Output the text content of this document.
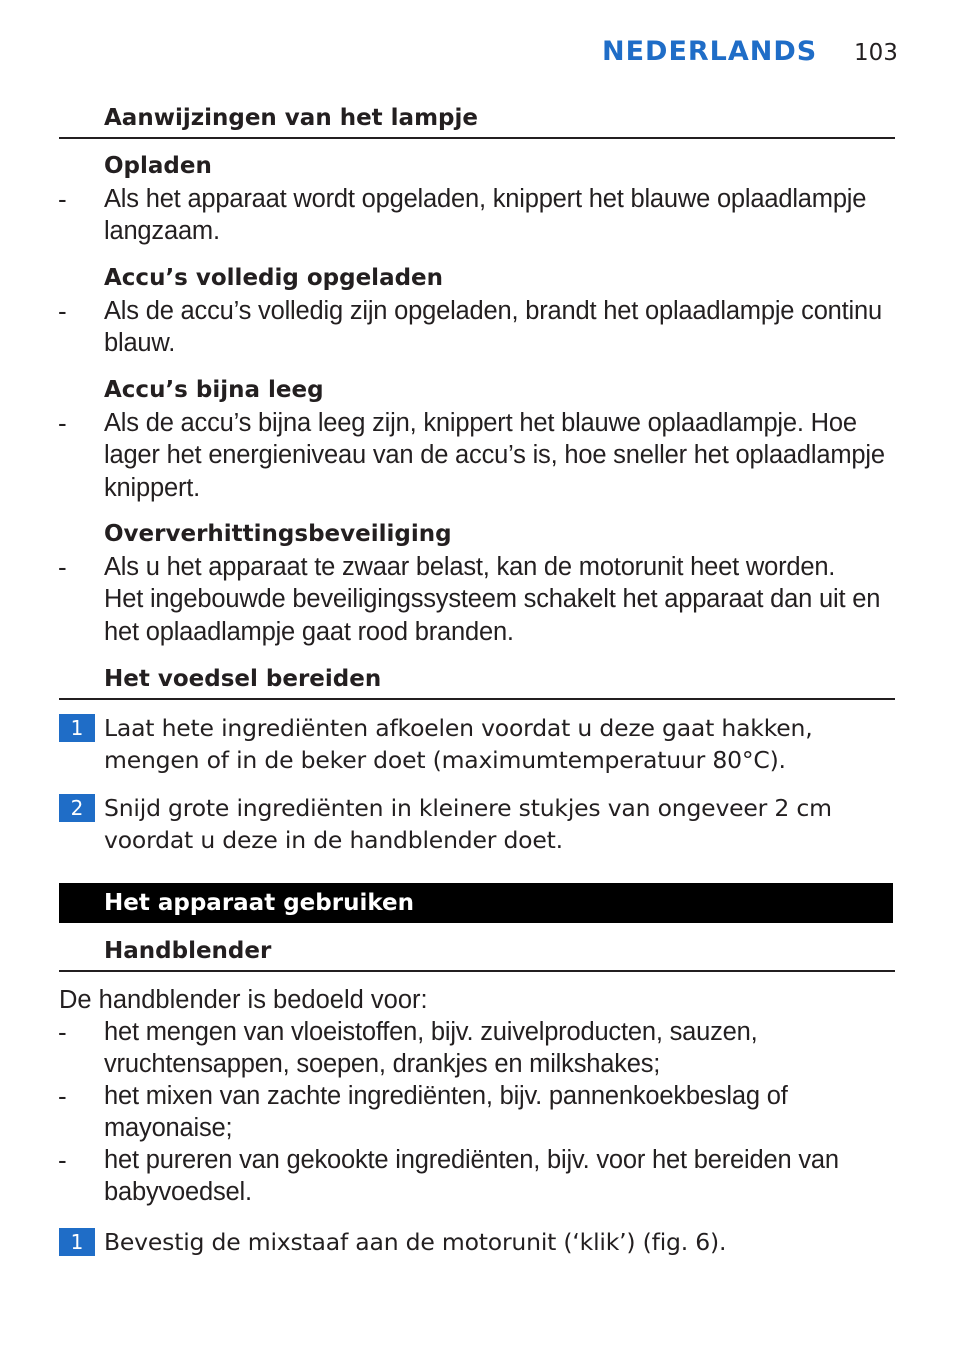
NEDERLANDS 103
Aanwijzingen van het lampje
Opladen
- Als het apparaat wordt opgeladen, knippert het blauwe oplaadlampje
langzaam.
Accu’s volledig opgeladen
- Als de accu’s volledig zijn opgeladen, brandt het oplaadlampje continu
blauw.
Accu’s bijna leeg
- Als de accu’s bijna leeg zijn, knippert het blauwe oplaadlampje. Hoe
lager het energieniveau van de accu’s is, hoe sneller het oplaadlampje
knippert.
Oververhittingsbeveiliging
- Als u het apparaat te zwaar belast, kan de motorunit heet worden.
Het ingebouwde beveiligingssysteem schakelt het apparaat dan uit en
het oplaadlampje gaat rood branden.
Het voedsel bereiden
1 Laat hete ingrediënten afkoelen voordat u deze gaat hakken,
mengen of in de beker doet (maximumtemperatuur 80°C).
2 Snijd grote ingrediënten in kleinere stukjes van ongeveer 2 cm
voordat u deze in de handblender doet.
Het apparaat gebruiken
Handblender
De handblender is bedoeld voor:
- het mengen van vloeistoffen, bijv. zuivelproducten, sauzen,
vruchtensappen, soepen, drankjes en milkshakes;
- het mixen van zachte ingrediënten, bijv. pannenkoekbeslag of
mayonaise;
- het pureren van gekookte ingrediënten, bijv. voor het bereiden van
babyvoedsel.
1 Bevestig de mixstaaf aan de motorunit (‘klik’) (fig. 6).
